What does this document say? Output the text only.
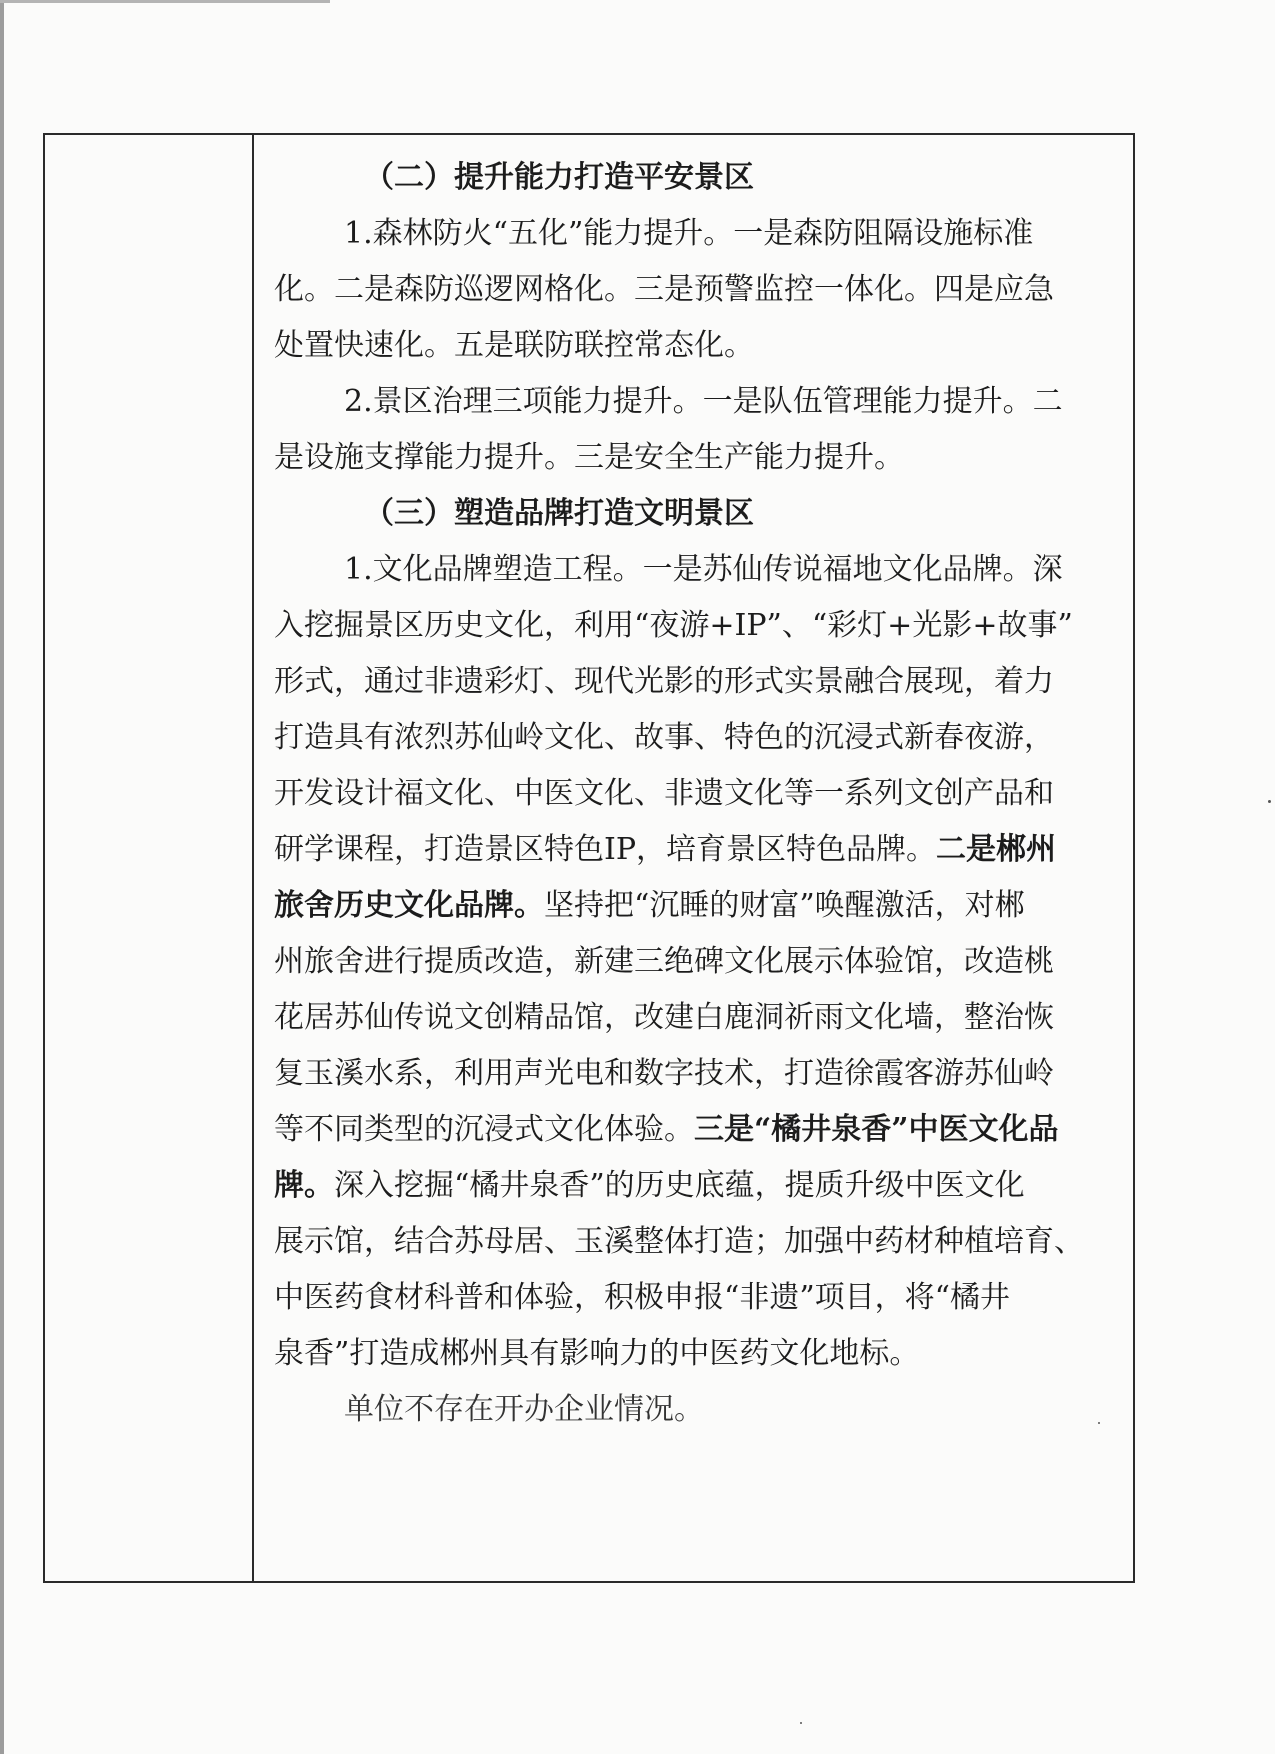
（二）提升能力打造平安景区
1.森林防火“五化”能力提升。一是森防阻隔设施标准
化。二是森防巡逻网格化。三是预警监控一体化。四是应急
处置快速化。五是联防联控常态化。
2.景区治理三项能力提升。一是队伍管理能力提升。二
是设施支撑能力提升。三是安全生产能力提升。
（三）塑造品牌打造文明景区
1.文化品牌塑造工程。一是苏仙传说福地文化品牌。深
入挖掘景区历史文化，利用“夜游+IP”、“彩灯+光影+故事”
形式，通过非遗彩灯、现代光影的形式实景融合展现，着力
打造具有浓烈苏仙岭文化、故事、特色的沉浸式新春夜游，
开发设计福文化、中医文化、非遗文化等一系列文创产品和
研学课程，打造景区特色IP，培育景区特色品牌。二是郴州
旅舍历史文化品牌。坚持把“沉睡的财富”唤醒激活，对郴
州旅舍进行提质改造，新建三绝碑文化展示体验馆，改造桃
花居苏仙传说文创精品馆，改建白鹿洞祈雨文化墙，整治恢
复玉溪水系，利用声光电和数字技术，打造徐霞客游苏仙岭
等不同类型的沉浸式文化体验。三是“橘井泉香”中医文化品
牌。深入挖掘“橘井泉香”的历史底蕴，提质升级中医文化
展示馆，结合苏母居、玉溪整体打造；加强中药材种植培育、
中医药食材科普和体验，积极申报“非遗”项目，将“橘井
泉香”打造成郴州具有影响力的中医药文化地标。
单位不存在开办企业情况。
